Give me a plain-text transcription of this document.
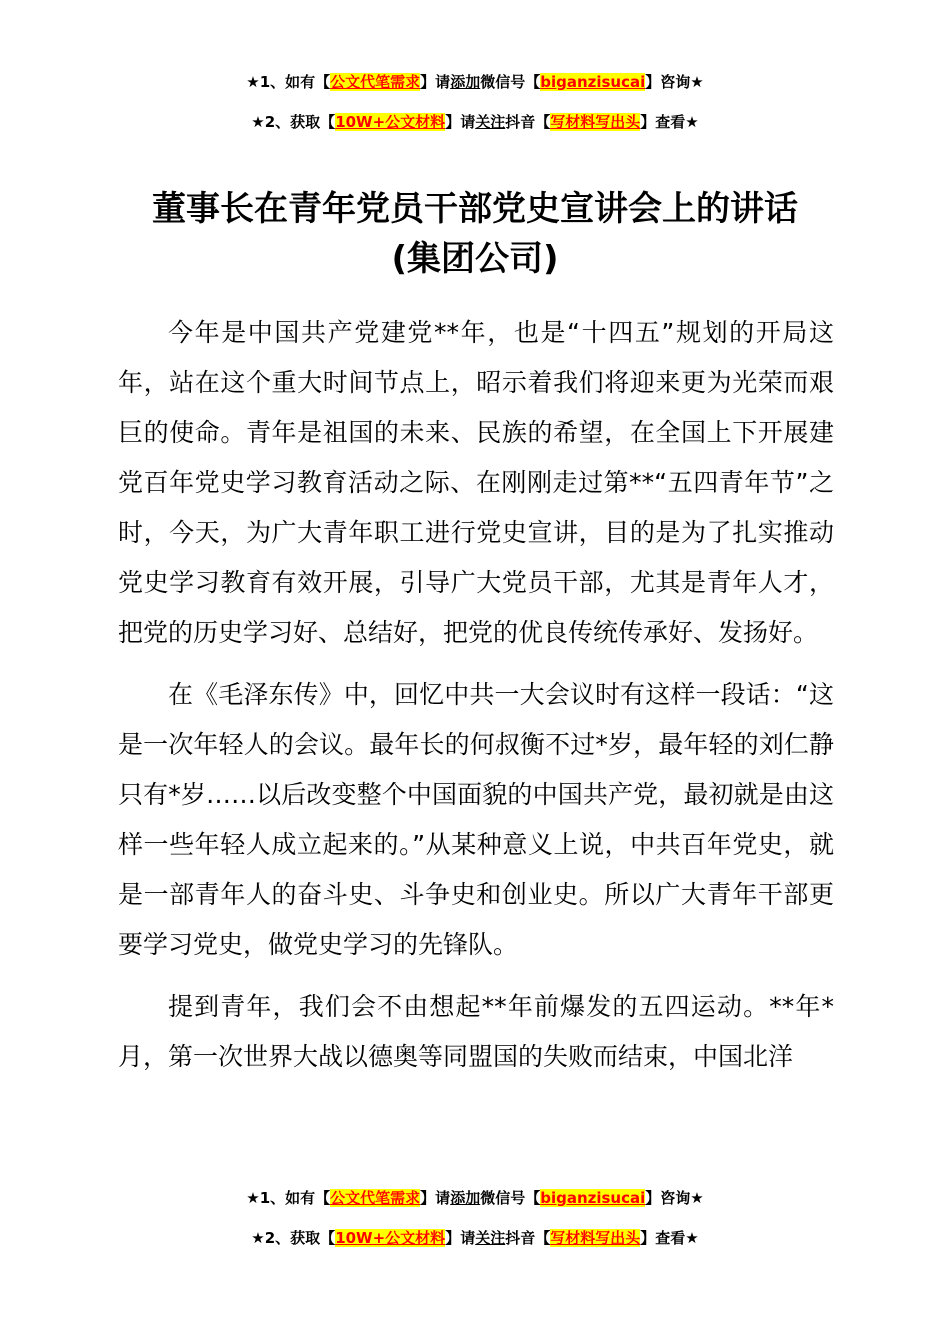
★1、如有【公文代笔需求】请添加微信号【biganzisucai】咨询★
★2、获取【10W+公文材料】请关注抖音【写材料写出头】查看★
董事长在青年党员干部党史宣讲会上的讲话
(集团公司)

今年是中国共产党建党**年，也是“十四五”规划的开局这年，站在这个重大时间节点上，昭示着我们将迎来更为光荣而艰巨的使命。青年是祖国的未来、民族的希望，在全国上下开展建党百年党史学习教育活动之际、在刚刚走过第**“五四青年节”之时，今天，为广大青年职工进行党史宣讲，目的是为了扎实推动党史学习教育有效开展，引导广大党员干部，尤其是青年人才，把党的历史学习好、总结好，把党的优良传统传承好、发扬好。

在《毛泽东传》中，回忆中共一大会议时有这样一段话：“这是一次年轻人的会议。最年长的何叔衡不过*岁，最年轻的刘仁静只有*岁……以后改变整个中国面貌的中国共产党，最初就是由这样一些年轻人成立起来的。”从某种意义上说，中共百年党史，就是一部青年人的奋斗史、斗争史和创业史。所以广大青年干部更要学习党史，做党史学习的先锋队。

提到青年，我们会不由想起**年前爆发的五四运动。**年*月，第一次世界大战以德奥等同盟国的失败而结束，中国北洋

★1、如有【公文代笔需求】请添加微信号【biganzisucai】咨询★
★2、获取【10W+公文材料】请关注抖音【写材料写出头】查看★
